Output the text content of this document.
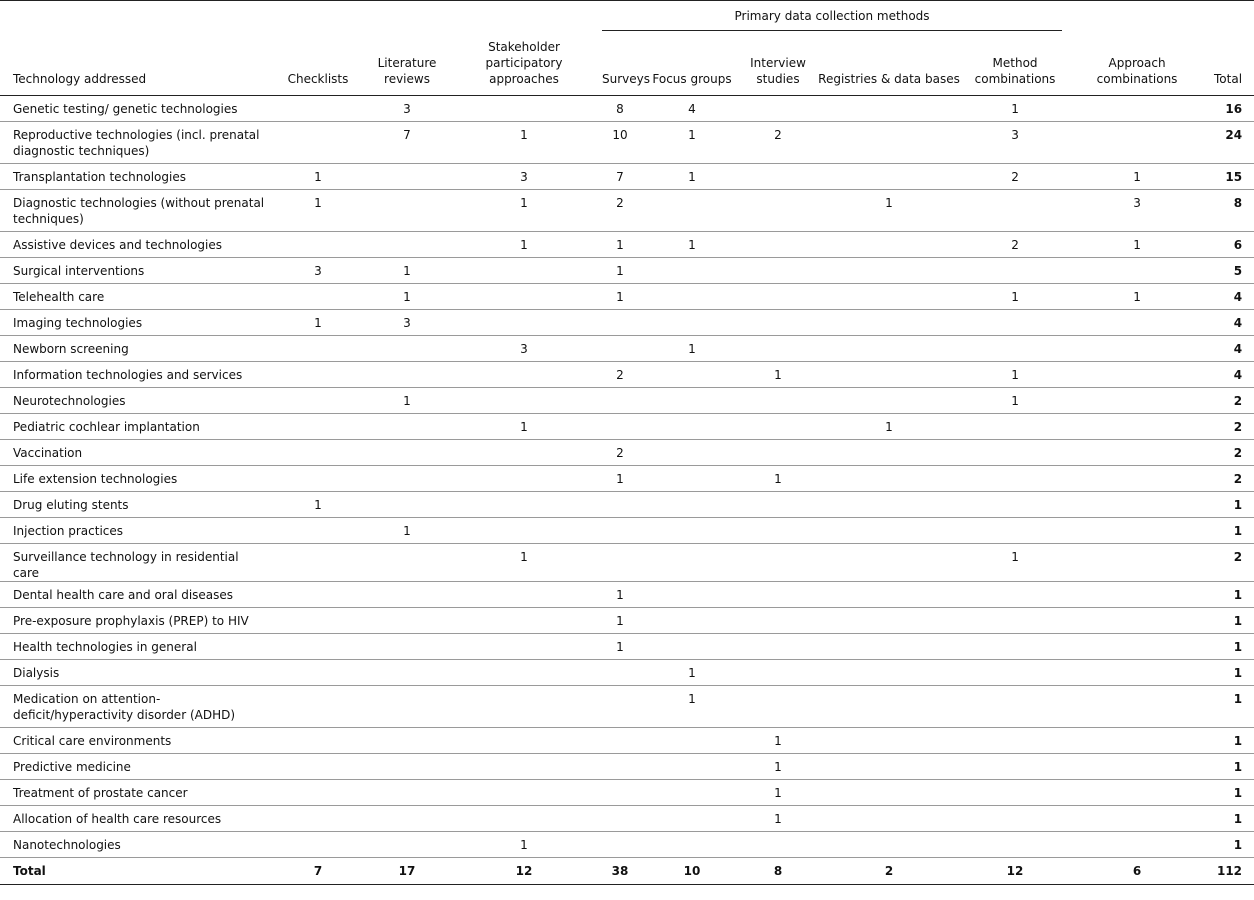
				Primary data collection methods						

Technology addressed	Checklists	Literature reviews	Stakeholder participatory approaches	Surveys	Focus groups	Interview studies	Registries & data bases	Method combinations	Approach combinations	Total
Genetic testing/ genetic technologies		3		8	4			1		16
Reproductive technologies (incl. prenatal diagnostic techniques)		7	1	10	1	2		3		24
Transplantation technologies	1		3	7	1			2	1	15
Diagnostic technologies (without prenatal techniques)	1		1	2			1		3	8
Assistive devices and technologies			1	1	1			2	1	6
Surgical interventions	3	1		1						5
Telehealth care		1		1				1	1	4
Imaging technologies	1	3								4
Newborn screening			3		1					4
Information technologies and services				2		1		1		4
Neurotechnologies		1						1		2
Pediatric cochlear implantation			1				1			2
Vaccination				2						2
Life extension technologies				1		1				2
Drug eluting stents	1									1
Injection practices		1								1
Surveillance technology in residential care			1					1		2
Dental health care and oral diseases				1						1
Pre-exposure prophylaxis (PREP) to HIV				1						1
Health technologies in general				1						1
Dialysis					1					1
Medication on attention-deficit/hyperactivity disorder (ADHD)					1					1
Critical care environments						1				1
Predictive medicine						1				1
Treatment of prostate cancer						1				1
Allocation of health care resources						1				1
Nanotechnologies			1							1
Total	7	17	12	38	10	8	2	12	6	112
